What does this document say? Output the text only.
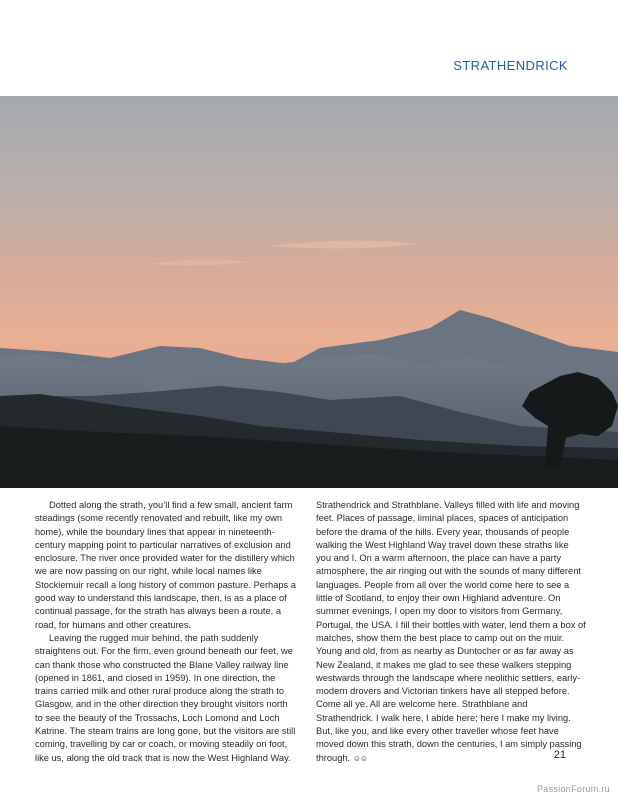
STRATHENDRICK

Dotted along the strath, you’ll find a few small, ancient farm steadings (some recently renovated and rebuilt, like my own home), while the boundary lines that appear in nineteenth-century mapping point to particular narratives of exclusion and enclosure. The river once provided water for the distillery which we are now passing on our right, while local names like Stockiemuir recall a long history of common pasture. Perhaps a good way to understand this landscape, then, is as a place of continual passage, for the strath has always been a route, a road, for humans and other creatures.

Leaving the rugged muir behind, the path suddenly straightens out. For the firm, even ground beneath our feet, we can thank those who constructed the Blane Valley railway line (opened in 1861, and closed in 1959). In one direction, the trains carried milk and other rural produce along the strath to Glasgow, and in the other direction they brought visitors north to see the beauty of the Trossachs, Loch Lomond and Loch Katrine. The steam trains are long gone, but the visitors are still coming, travelling by car or coach, or moving steadily on foot, like us, along the old track that is now the West Highland Way.

Strathendrick and Strathblane. Valleys filled with life and moving feet. Places of passage, liminal places, spaces of anticipation before the drama of the hills. Every year, thousands of people walking the West Highland Way travel down these straths like you and I. On a warm afternoon, the place can have a party atmosphere, the air ringing out with the sounds of many different languages. People from all over the world come here to see a little of Scotland, to enjoy their own Highland adventure. On summer evenings, I open my door to visitors from Germany, Portugal, the USA. I fill their bottles with water, lend them a box of matches, show them the best place to camp out on the muir. Young and old, from as nearby as Duntocher or as far away as New Zealand, it makes me glad to see these walkers stepping westwards through the landscape where neolithic settlers, early-modern drovers and Victorian tinkers have all stepped before. Come all ye. All are welcome here. Strathblane and Strathendrick. I walk here, I abide here; here I make my living. But, like you, and like every other traveller whose feet have moved down this strath, down the centuries, I am simply passing through. ☺☺	21
PassionForum.ru
